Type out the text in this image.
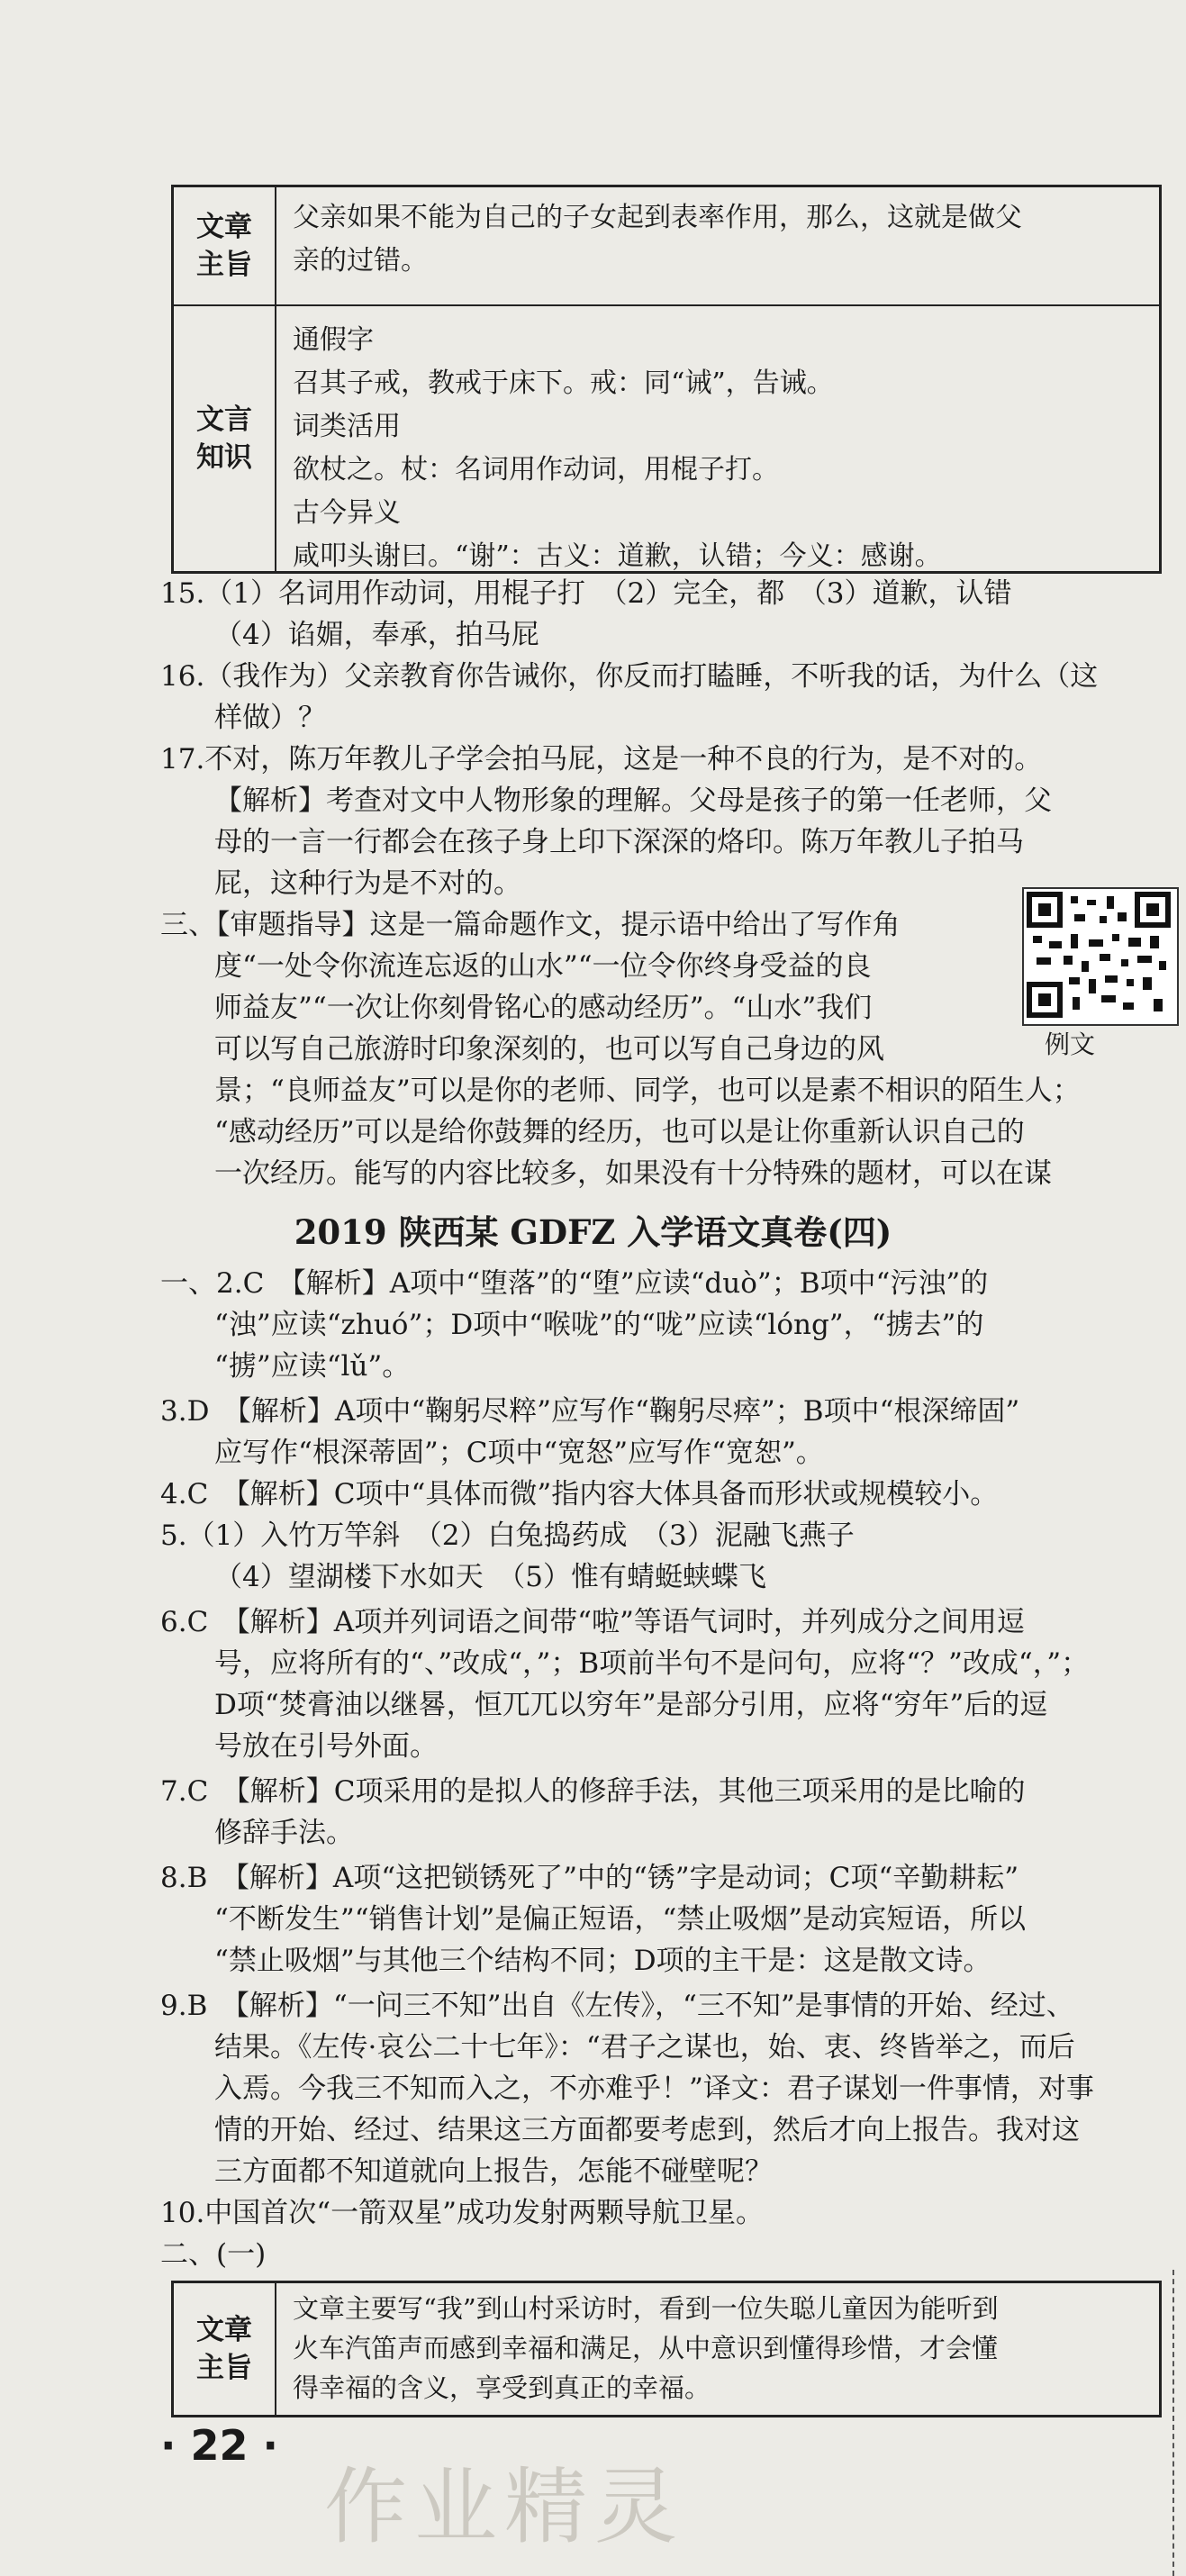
文章
主旨
父亲如果不能为自己的子女起到表率作用，那么，这就是做父
亲的过错。
文言
知识
通假字
召其子戒，教戒于床下。戒：同“诫”，告诫。
词类活用
欲杖之。杖：名词用作动词，用棍子打。
古今异义
咸叩头谢曰。“谢”：古义：道歉，认错；今义：感谢。
15.（1）名词用作动词，用棍子打　（2）完全，都　（3）道歉，认错
（4）谄媚，奉承，拍马屁
16.（我作为）父亲教育你告诫你，你反而打瞌睡，不听我的话，为什么（这
样做）？
17.不对，陈万年教儿子学会拍马屁，这是一种不良的行为，是不对的。
【解析】考查对文中人物形象的理解。父母是孩子的第一任老师，父
母的一言一行都会在孩子身上印下深深的烙印。陈万年教儿子拍马
屁，这种行为是不对的。
三、【审题指导】这是一篇命题作文，提示语中给出了写作角
度“一处令你流连忘返的山水”“一位令你终身受益的良
师益友”“一次让你刻骨铭心的感动经历”。“山水”我们
可以写自己旅游时印象深刻的，也可以写自己身边的风
景；“良师益友”可以是你的老师、同学，也可以是素不相识的陌生人；
“感动经历”可以是给你鼓舞的经历，也可以是让你重新认识自己的
一次经历。能写的内容比较多，如果没有十分特殊的题材，可以在谋
例文
2019 陕西某 GDFZ 入学语文真卷(四)
一、2.C　【解析】A项中“堕落”的“堕”应读“duò”；B项中“污浊”的
“浊”应读“zhuó”；D项中“喉咙”的“咙”应读“lóng”，“掳去”的
“掳”应读“lǔ”。
3.D　【解析】A项中“鞠躬尽粹”应写作“鞠躬尽瘁”；B项中“根深缔固”
应写作“根深蒂固”；C项中“宽怒”应写作“宽恕”。
4.C　【解析】C项中“具体而微”指内容大体具备而形状或规模较小。
5.（1）入竹万竿斜　（2）白兔捣药成　（3）泥融飞燕子
（4）望湖楼下水如天　（5）惟有蜻蜓蛱蝶飞
6.C　【解析】A项并列词语之间带“啦”等语气词时，并列成分之间用逗
号，应将所有的“、”改成“，”；B项前半句不是问句，应将“？”改成“，”；
D项“焚膏油以继晷，恒兀兀以穷年”是部分引用，应将“穷年”后的逗
号放在引号外面。
7.C　【解析】C项采用的是拟人的修辞手法，其他三项采用的是比喻的
修辞手法。
8.B　【解析】A项“这把锁锈死了”中的“锈”字是动词；C项“辛勤耕耘”
“不断发生”“销售计划”是偏正短语，“禁止吸烟”是动宾短语，所以
“禁止吸烟”与其他三个结构不同；D项的主干是：这是散文诗。
9.B　【解析】“一问三不知”出自《左传》，“三不知”是事情的开始、经过、
结果。《左传·哀公二十七年》：“君子之谋也，始、衷、终皆举之，而后
入焉。今我三不知而入之，不亦难乎！”译文：君子谋划一件事情，对事
情的开始、经过、结果这三方面都要考虑到，然后才向上报告。我对这
三方面都不知道就向上报告，怎能不碰壁呢？
10.中国首次“一箭双星”成功发射两颗导航卫星。
二、(一)
文章
主旨
文章主要写“我”到山村采访时，看到一位失聪儿童因为能听到
火车汽笛声而感到幸福和满足，从中意识到懂得珍惜，才会懂
得幸福的含义，享受到真正的幸福。
· 22 ·
作业精灵
